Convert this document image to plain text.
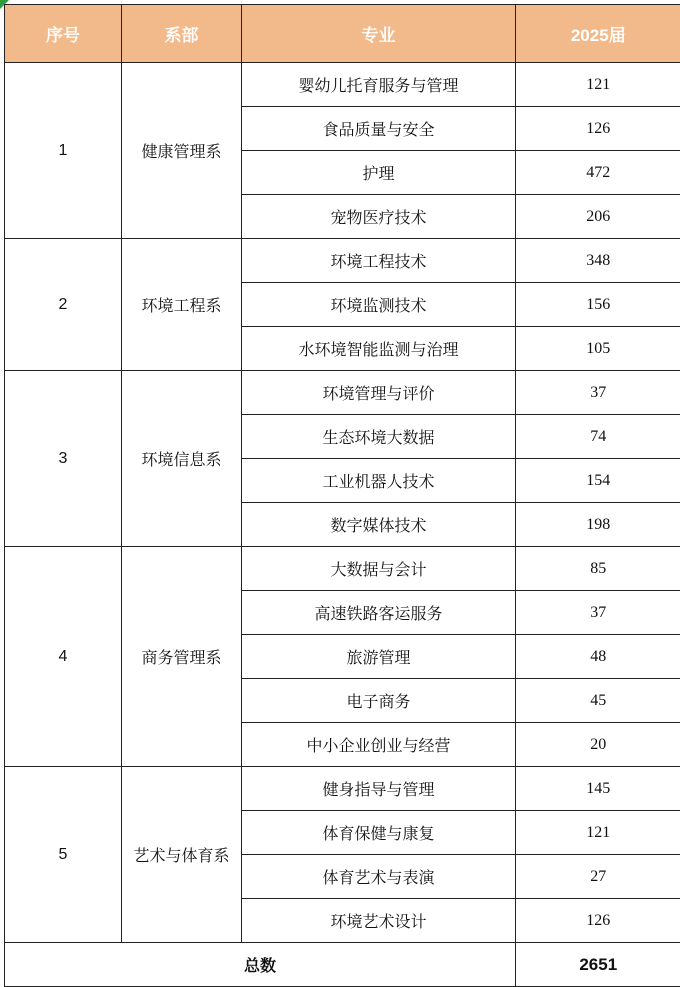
序号	系部	专业	2025届
1	健康管理系	婴幼儿托育服务与管理	121
		食品质量与安全	126
		护理	472
		宠物医疗技术	206
2	环境工程系	环境工程技术	348
		环境监测技术	156
		水环境智能监测与治理	105
3	环境信息系	环境管理与评价	37
		生态环境大数据	74
		工业机器人技术	154
		数字媒体技术	198
4	商务管理系	大数据与会计	85
		高速铁路客运服务	37
		旅游管理	48
		电子商务	45
		中小企业创业与经营	20
5	艺术与体育系	健身指导与管理	145
		体育保健与康复	121
		体育艺术与表演	27
		环境艺术设计	126
总数			2651
